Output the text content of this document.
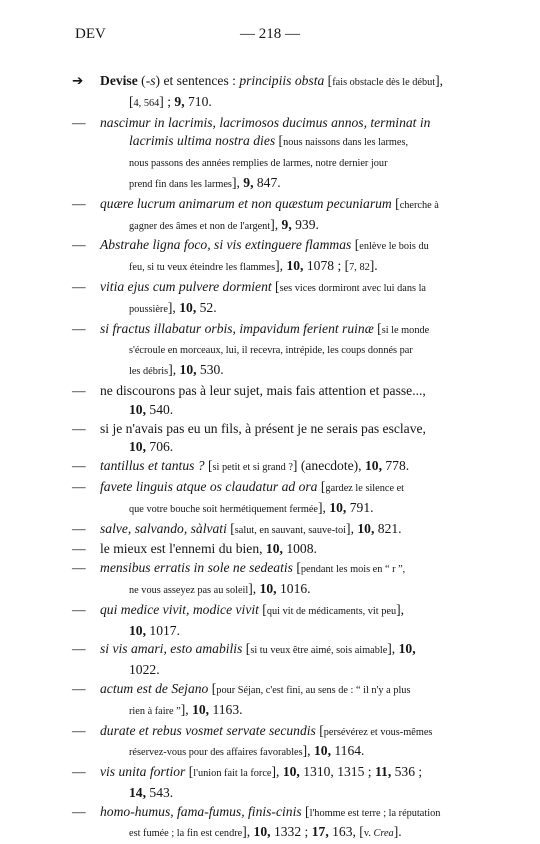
DEV	— 218 —
➔ Devise (-s) et sentences : principiis obsta [fais obstacle dès le début],
[4, 564] ; 9, 710.
— nascimur in lacrimis, lacrimosos ducimus annos, terminat in
lacrimis ultima nostra dies [nous naissons dans les larmes,
nous passons des années remplies de larmes, notre dernier jour
prend fin dans les larmes], 9, 847.
— quære lucrum animarum et non quæstum pecuniarum [cherche à
gagner des âmes et non de l'argent], 9, 939.
— Abstrahe ligna foco, si vis extinguere flammas [enlève le bois du
feu, si tu veux éteindre les flammes], 10, 1078 ; [7, 82].
— vitia ejus cum pulvere dormient [ses vices dormiront avec lui dans la
poussière], 10, 52.
— si fractus illabatur orbis, impavidum ferient ruinæ [si le monde
s'écroule en morceaux, lui, il recevra, intrépide, les coups donnés par
les débris], 10, 530.
— ne discourons pas à leur sujet, mais fais attention et passe...,
10, 540.
— si je n'avais pas eu un fils, à présent je ne serais pas esclave,
10, 706.
— tantillus et tantus ? [si petit et si grand ?] (anecdote), 10, 778.
— favete linguis atque os claudatur ad ora [gardez le silence et
que votre bouche soit hermétiquement fermée], 10, 791.
— salve, salvando, sàlvati [salut, en sauvant, sauve-toi], 10, 821.
— le mieux est l'ennemi du bien, 10, 1008.
— mensibus erratis in sole ne sedeatis [pendant les mois en “ r ”,
ne vous asseyez pas au soleil], 10, 1016.
— qui medice vivit, modice vivit [qui vit de médicaments, vit peu],
10, 1017.
— si vis amari, esto amabilis [si tu veux être aimé, sois aimable], 10,
1022.
— actum est de Sejano [pour Séjan, c'est fini, au sens de : “ il n'y a plus
rien à faire ”], 10, 1163.
— durate et rebus vosmet servate secundis [persévérez et vous-mêmes
réservez-vous pour des affaires favorables], 10, 1164.
— vis unita fortior [l'union fait la force], 10, 1310, 1315 ; 11, 536 ;
14, 543.
— homo-humus, fama-fumus, finis-cinis [l'homme est terre ; la réputation
est fumée ; la fin est cendre], 10, 1332 ; 17, 163, [v. Crea].
